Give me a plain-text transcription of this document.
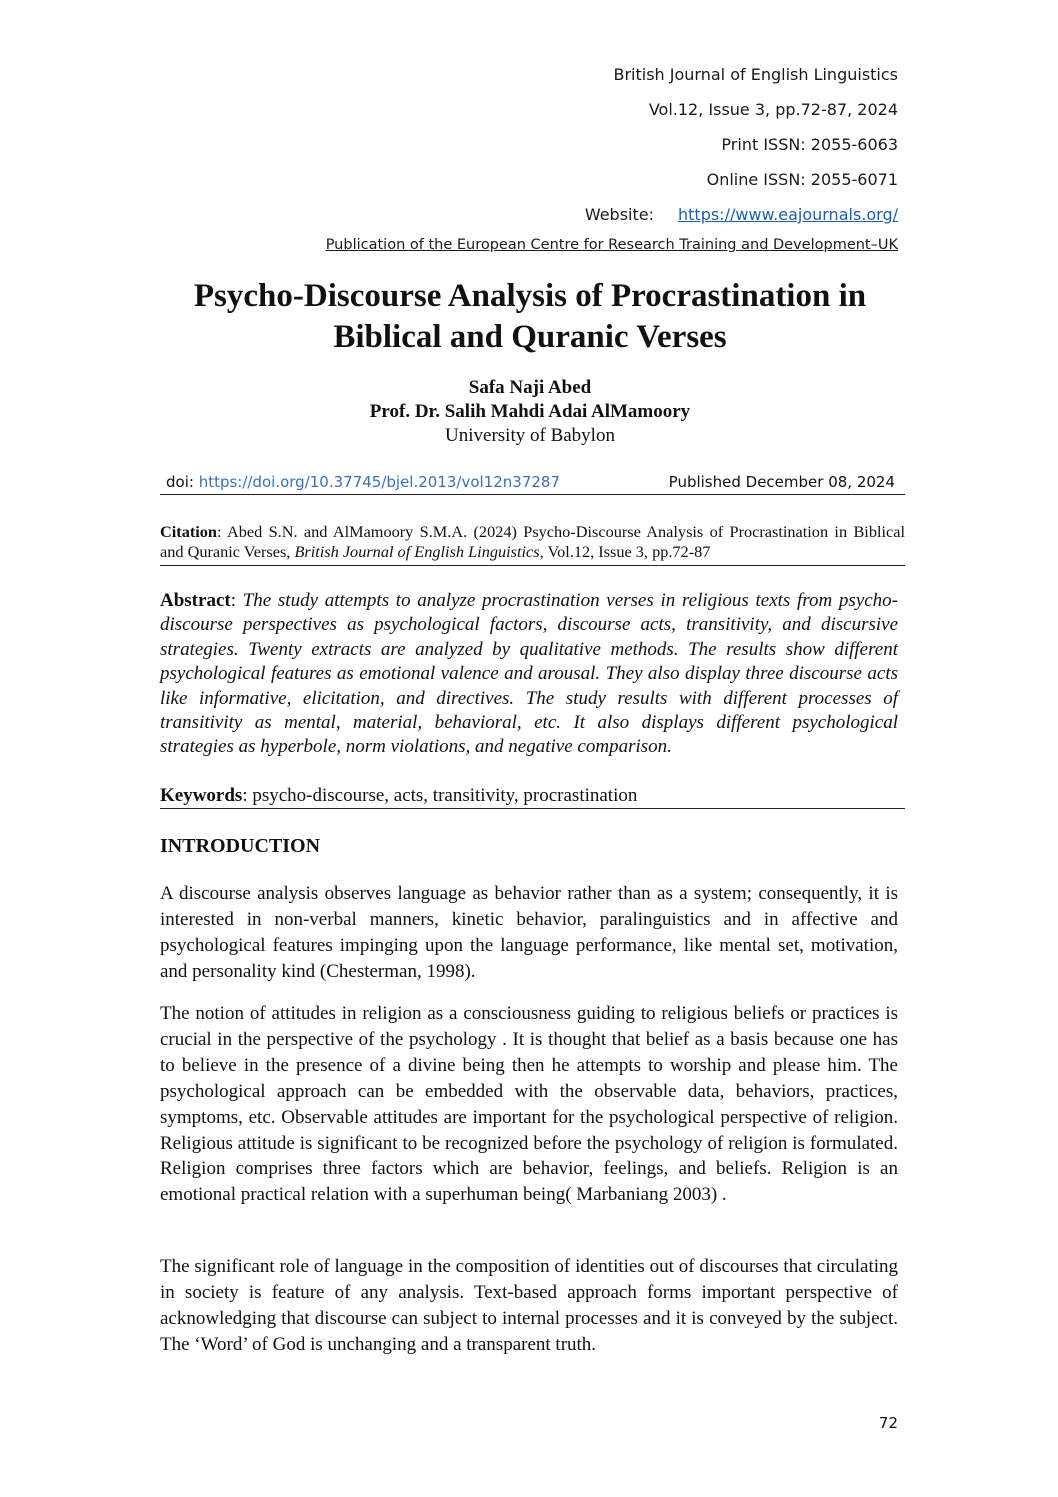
British Journal of English Linguistics
Vol.12, Issue 3, pp.72-87, 2024
Print ISSN: 2055-6063
Online ISSN: 2055-6071
Website: https://www.eajournals.org/
Publication of the European Centre for Research Training and Development–UK
Psycho-Discourse Analysis of Procrastination in
Biblical and Quranic Verses
Safa Naji Abed
Prof. Dr. Salih Mahdi Adai AlMamoory
University of Babylon
doi: https://doi.org/10.37745/bjel.2013/vol12n37287	Published December 08, 2024
Citation: Abed S.N. and AlMamoory S.M.A. (2024) Psycho-Discourse Analysis of Procrastination in Biblical and Quranic Verses, British Journal of English Linguistics, Vol.12, Issue 3, pp.72-87
Abstract: The study attempts to analyze procrastination verses in religious texts from psycho-discourse perspectives as psychological factors, discourse acts, transitivity, and discursive strategies. Twenty extracts are analyzed by qualitative methods. The results show different psychological features as emotional valence and arousal. They also display three discourse acts like informative, elicitation, and directives. The study results with different processes of transitivity as mental, material, behavioral, etc. It also displays different psychological strategies as hyperbole, norm violations, and negative comparison.
Keywords: psycho-discourse, acts, transitivity, procrastination
INTRODUCTION
A discourse analysis observes language as behavior rather than as a system; consequently, it is interested in non-verbal manners, kinetic behavior, paralinguistics and in affective and psychological features impinging upon the language performance, like mental set, motivation, and personality kind (Chesterman, 1998).
The notion of attitudes in religion as a consciousness guiding to religious beliefs or practices is crucial in the perspective of the psychology . It is thought that belief as a basis because one has to believe in the presence of a divine being then he attempts to worship and please him. The psychological approach can be embedded with the observable data, behaviors, practices, symptoms, etc. Observable attitudes are important for the psychological perspective of religion. Religious attitude is significant to be recognized before the psychology of religion is formulated. Religion comprises three factors which are behavior, feelings, and beliefs. Religion is an emotional practical relation with a superhuman being( Marbaniang 2003) .
The significant role of language in the composition of identities out of discourses that circulating in society is feature of any analysis. Text-based approach forms important perspective of acknowledging that discourse can subject to internal processes and it is conveyed by the subject. The ‘Word’ of God is unchanging and a transparent truth.
72
